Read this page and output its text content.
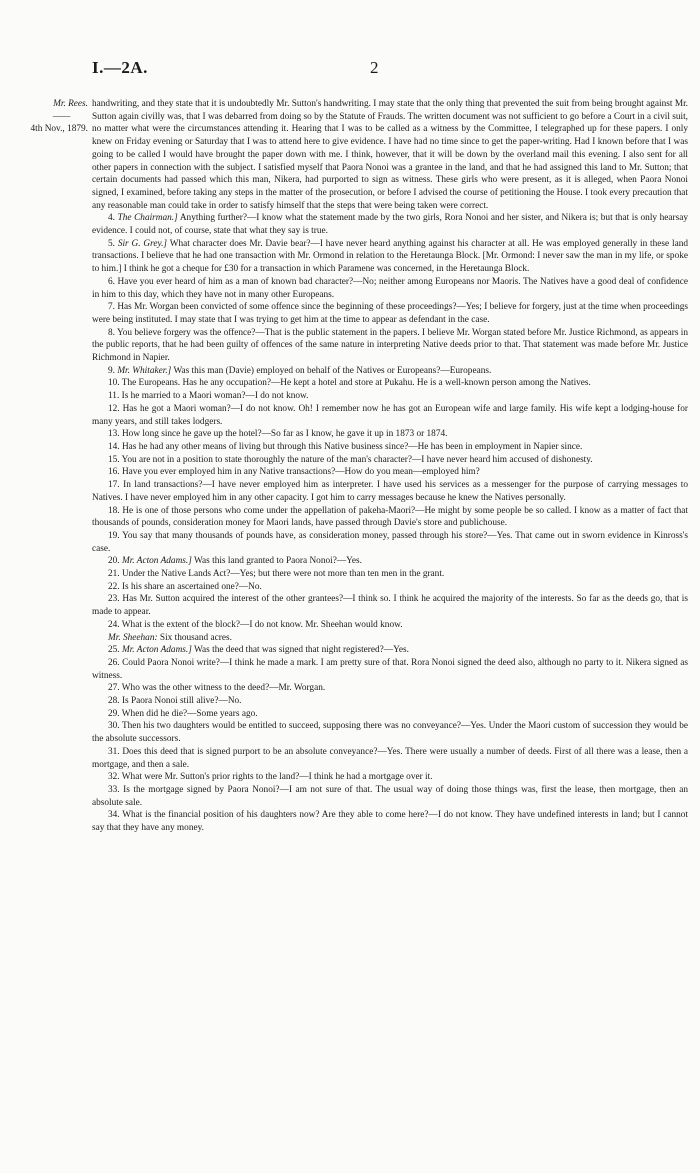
I.—2A.	2
Mr. Rees.
——
4th Nov., 1879.

handwriting, and they state that it is undoubtedly Mr. Sutton's handwriting. I may state that the only thing that prevented the suit from being brought against Mr. Sutton again civilly was, that I was debarred from doing so by the Statute of Frauds. The written document was not sufficient to go before a Court in a civil suit, no matter what were the circumstances attending it. Hearing that I was to be called as a witness by the Committee, I telegraphed up for these papers. I only knew on Friday evening or Saturday that I was to attend here to give evidence. I have had no time since to get the paper-writing. Had I known before that I was going to be called I would have brought the paper down with me. I think, however, that it will be down by the overland mail this evening. I also sent for all other papers in connection with the subject. I satisfied myself that Paora Nonoi was a grantee in the land, and that he had assigned this land to Mr. Sutton; that certain documents had passed which this man, Nikera, had purported to sign as witness. These girls who were present, as it is alleged, when Paora Nonoi signed, I examined, before taking any steps in the matter of the prosecution, or before I advised the course of petitioning the House. I took every precaution that any reasonable man could take in order to satisfy himself that the steps that were being taken were correct.

4. The Chairman.] Anything further?—I know what the statement made by the two girls, Rora Nonoi and her sister, and Nikera is; but that is only hearsay evidence. I could not, of course, state that what they say is true.

5. Sir G. Grey.] What character does Mr. Davie bear?—I have never heard anything against his character at all. He was employed generally in these land transactions. I believe that he had one transaction with Mr. Ormond in relation to the Heretaunga Block. [Mr. Ormond: I never saw the man in my life, or spoke to him.] I think he got a cheque for £30 for a transaction in which Paramene was concerned, in the Heretaunga Block.

6. Have you ever heard of him as a man of known bad character?—No; neither among Europeans nor Maoris. The Natives have a good deal of confidence in him to this day, which they have not in many other Europeans.

7. Has Mr. Worgan been convicted of some offence since the beginning of these proceedings?—Yes; I believe for forgery, just at the time when proceedings were being instituted. I may state that I was trying to get him at the time to appear as defendant in the case.

8. You believe forgery was the offence?—That is the public statement in the papers. I believe Mr. Worgan stated before Mr. Justice Richmond, as appears in the public reports, that he had been guilty of offences of the same nature in interpreting Native deeds prior to that. That statement was made before Mr. Justice Richmond in Napier.

9. Mr. Whitaker.] Was this man (Davie) employed on behalf of the Natives or Europeans?—Europeans.

10. The Europeans. Has he any occupation?—He kept a hotel and store at Pukahu. He is a well-known person among the Natives.

11. Is he married to a Maori woman?—I do not know.

12. Has he got a Maori woman?—I do not know. Oh! I remember now he has got an European wife and large family. His wife kept a lodging-house for many years, and still takes lodgers.

13. How long since he gave up the hotel?—So far as I know, he gave it up in 1873 or 1874.

14. Has he had any other means of living but through this Native business since?—He has been in employment in Napier since.

15. You are not in a position to state thoroughly the nature of the man's character?—I have never heard him accused of dishonesty.

16. Have you ever employed him in any Native transactions?—How do you mean—employed him?

17. In land transactions?—I have never employed him as interpreter. I have used his services as a messenger for the purpose of carrying messages to Natives. I have never employed him in any other capacity. I got him to carry messages because he knew the Natives personally.

18. He is one of those persons who come under the appellation of pakeha-Maori?—He might by some people be so called. I know as a matter of fact that thousands of pounds, consideration money for Maori lands, have passed through Davie's store and publichouse.

19. You say that many thousands of pounds have, as consideration money, passed through his store?—Yes. That came out in sworn evidence in Kinross's case.

20. Mr. Acton Adams.] Was this land granted to Paora Nonoi?—Yes.

21. Under the Native Lands Act?—Yes; but there were not more than ten men in the grant.

22. Is his share an ascertained one?—No.

23. Has Mr. Sutton acquired the interest of the other grantees?—I think so. I think he acquired the majority of the interests. So far as the deeds go, that is made to appear.

24. What is the extent of the block?—I do not know. Mr. Sheehan would know.

Mr. Sheehan: Six thousand acres.

25. Mr. Acton Adams.] Was the deed that was signed that night registered?—Yes.

26. Could Paora Nonoi write?—I think he made a mark. I am pretty sure of that. Rora Nonoi signed the deed also, although no party to it. Nikera signed as witness.

27. Who was the other witness to the deed?—Mr. Worgan.

28. Is Paora Nonoi still alive?—No.

29. When did he die?—Some years ago.

30. Then his two daughters would be entitled to succeed, supposing there was no conveyance?—Yes. Under the Maori custom of succession they would be the absolute successors.

31. Does this deed that is signed purport to be an absolute conveyance?—Yes. There were usually a number of deeds. First of all there was a lease, then a mortgage, and then a sale.

32. What were Mr. Sutton's prior rights to the land?—I think he had a mortgage over it.

33. Is the mortgage signed by Paora Nonoi?—I am not sure of that. The usual way of doing those things was, first the lease, then mortgage, then an absolute sale.

34. What is the financial position of his daughters now? Are they able to come here?—I do not know. They have undefined interests in land; but I cannot say that they have any money.
